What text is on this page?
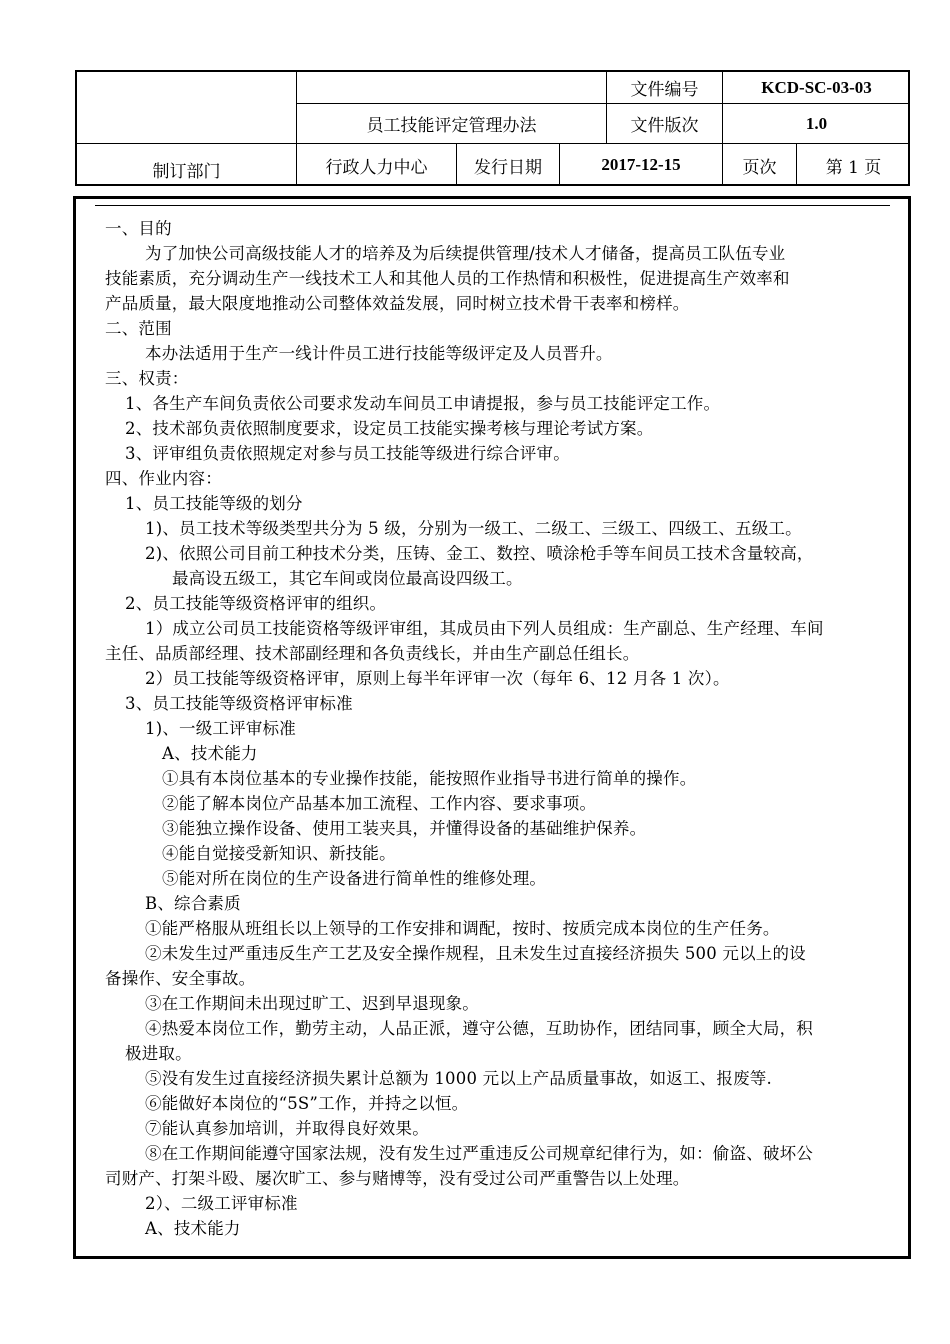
文件编号	KCD-SC-03-03
员工技能评定管理办法	文件版次	1.0
制订部门	行政人力中心	发行日期	2017-12-15	页次	第 1 页
一、目的
为了加快公司高级技能人才的培养及为后续提供管理/技术人才储备，提高员工队伍专业
技能素质，充分调动生产一线技术工人和其他人员的工作热情和积极性，促进提高生产效率和
产品质量，最大限度地推动公司整体效益发展，同时树立技术骨干表率和榜样。
二、范围
本办法适用于生产一线计件员工进行技能等级评定及人员晋升。
三、权责：
1、各生产车间负责依公司要求发动车间员工申请提报，参与员工技能评定工作。
2、技术部负责依照制度要求，设定员工技能实操考核与理论考试方案。
3、评审组负责依照规定对参与员工技能等级进行综合评审。
四、作业内容：
1、员工技能等级的划分
1)、员工技术等级类型共分为 5 级，分别为一级工、二级工、三级工、四级工、五级工。
2)、依照公司目前工种技术分类，压铸、金工、数控、喷涂枪手等车间员工技术含量较高，
最高设五级工，其它车间或岗位最高设四级工。
2、员工技能等级资格评审的组织。
1）成立公司员工技能资格等级评审组，其成员由下列人员组成：生产副总、生产经理、车间
主任、品质部经理、技术部副经理和各负责线长，并由生产副总任组长。
2）员工技能等级资格评审，原则上每半年评审一次（每年 6、12 月各 1 次）。
3、员工技能等级资格评审标准
1)、一级工评审标准
A、技术能力
①具有本岗位基本的专业操作技能，能按照作业指导书进行简单的操作。
②能了解本岗位产品基本加工流程、工作内容、要求事项。
③能独立操作设备、使用工装夹具，并懂得设备的基础维护保养。
④能自觉接受新知识、新技能。
⑤能对所在岗位的生产设备进行简单性的维修处理。
B、综合素质
①能严格服从班组长以上领导的工作安排和调配，按时、按质完成本岗位的生产任务。
②未发生过严重违反生产工艺及安全操作规程，且未发生过直接经济损失 500 元以上的设
备操作、安全事故。
③在工作期间未出现过旷工、迟到早退现象。
④热爱本岗位工作，勤劳主动，人品正派，遵守公德，互助协作，团结同事，顾全大局，积
极进取。
⑤没有发生过直接经济损失累计总额为 1000 元以上产品质量事故，如返工、报废等.
⑥能做好本岗位的“5S”工作，并持之以恒。
⑦能认真参加培训，并取得良好效果。
⑧在工作期间能遵守国家法规，没有发生过严重违反公司规章纪律行为，如：偷盗、破坏公
司财产、打架斗殴、屡次旷工、参与赌博等，没有受过公司严重警告以上处理。
2）、二级工评审标准
A、技术能力
